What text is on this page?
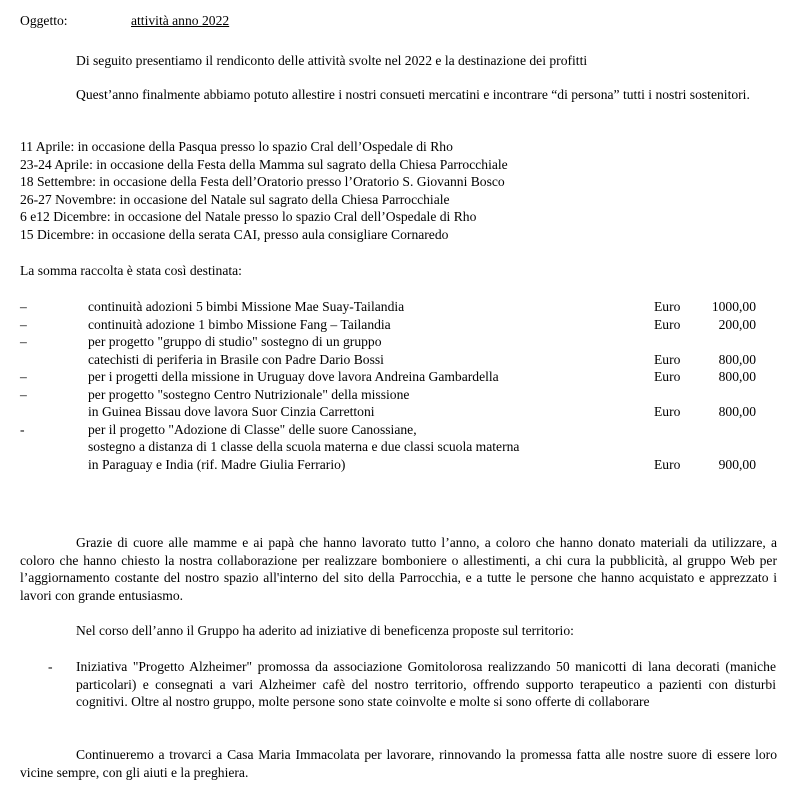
Oggetto:	attività anno 2022
Di seguito presentiamo il rendiconto delle attività svolte nel 2022 e la destinazione dei profitti
Quest’anno finalmente abbiamo potuto allestire i nostri consueti mercatini e incontrare “di persona” tutti i nostri sostenitori.
11 Aprile: in occasione della Pasqua presso lo spazio Cral dell’Ospedale di Rho
23-24 Aprile: in occasione della Festa della Mamma sul sagrato della Chiesa Parrocchiale
18 Settembre: in occasione della Festa dell’Oratorio presso l’Oratorio S. Giovanni Bosco
26-27 Novembre: in occasione del Natale sul sagrato della Chiesa Parrocchiale
6 e12 Dicembre: in occasione del Natale presso lo spazio Cral dell’Ospedale di Rho
15 Dicembre: in occasione della serata CAI, presso aula consigliare Cornaredo
La somma raccolta è stata così destinata:
–	continuità adozioni 5 bimbi Missione Mae Suay-Tailandia	Euro 1000,00
–	continuità adozione 1 bimbo Missione Fang – Tailandia	Euro	200,00
–	per progetto "gruppo di studio" sostegno di un gruppo
catechisti di periferia in Brasile con Padre Dario Bossi	Euro	800,00
–	per i progetti della missione in Uruguay dove lavora Andreina Gambardella	Euro	800,00
–	per progetto "sostegno Centro Nutrizionale" della missione
in Guinea Bissau dove lavora Suor Cinzia Carrettoni	Euro	800,00
-	per il progetto "Adozione di Classe" delle suore Canossiane,
sostegno a distanza di 1 classe della scuola materna e due classi scuola materna
in Paraguay e India (rif. Madre Giulia Ferrario)	Euro	900,00
Grazie di cuore alle mamme e ai papà che hanno lavorato tutto l’anno, a coloro che hanno donato materiali da utilizzare, a coloro che hanno chiesto la nostra collaborazione per realizzare bomboniere o allestimenti, a chi cura la pubblicità, al gruppo Web per l’aggiornamento costante del nostro spazio all'interno del sito della Parrocchia, e a tutte le persone che hanno acquistato e apprezzato i lavori con grande entusiasmo.
Nel corso dell’anno il Gruppo ha aderito ad iniziative di beneficenza proposte sul territorio:
- Iniziativa "Progetto Alzheimer" promossa da associazione Gomitolorosa realizzando 50 manicotti di lana decorati (maniche particolari) e consegnati a vari Alzheimer cafè del nostro territorio, offrendo supporto terapeutico a pazienti con disturbi cognitivi. Oltre al nostro gruppo, molte persone sono state coinvolte e molte si sono offerte di collaborare
Continueremo a trovarci a Casa Maria Immacolata per lavorare, rinnovando la promessa fatta alle nostre suore di essere loro vicine sempre, con gli aiuti e la preghiera.
